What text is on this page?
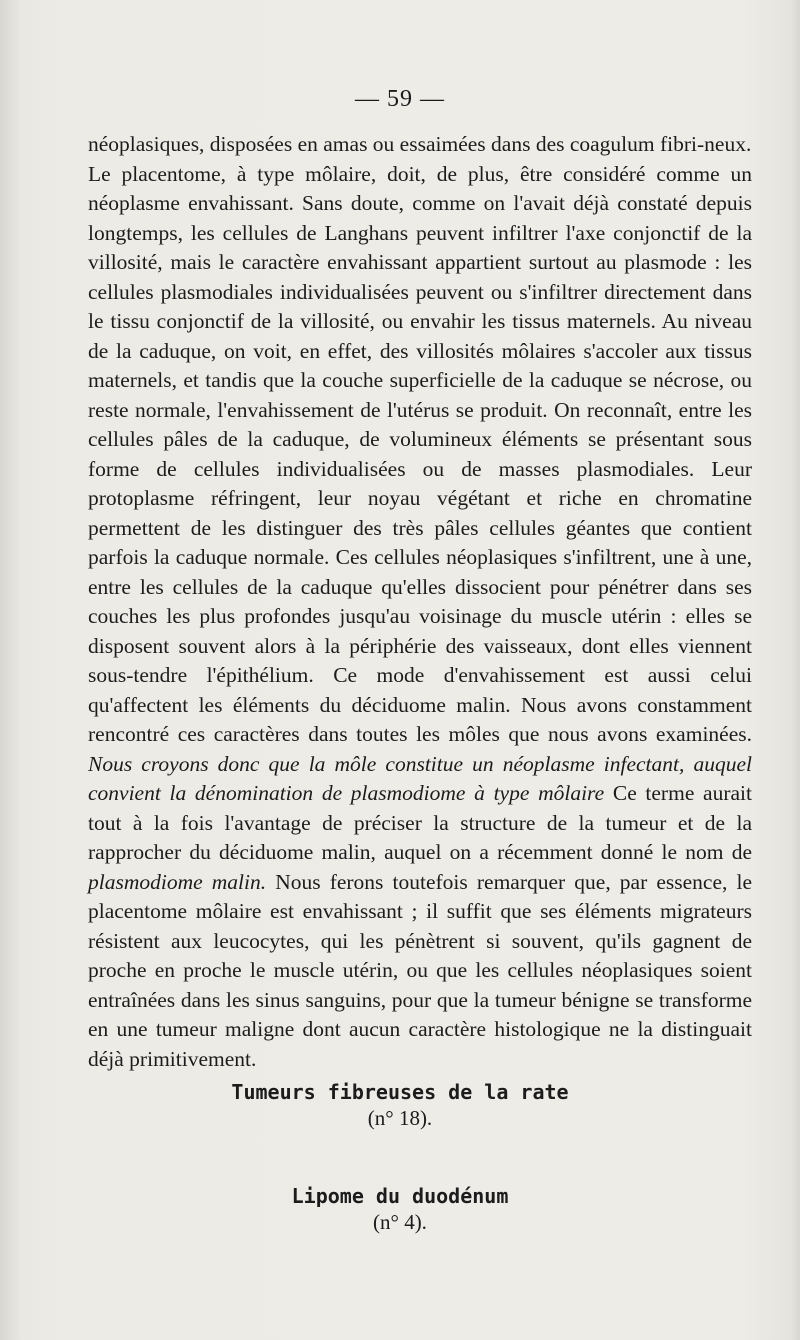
— 59 —

néoplasiques, disposées en amas ou essaimées dans des coagulum fibri-neux.

Le placentome, à type môlaire, doit, de plus, être considéré comme un néoplasme envahissant. Sans doute, comme on l'avait déjà constaté depuis longtemps, les cellules de Langhans peuvent infiltrer l'axe conjonctif de la villosité, mais le caractère envahissant appartient surtout au plasmode : les cellules plasmodiales individualisées peuvent ou s'infiltrer directement dans le tissu conjonctif de la villosité, ou envahir les tissus maternels. Au niveau de la caduque, on voit, en effet, des villosités môlaires s'accoler aux tissus maternels, et tandis que la couche superficielle de la caduque se nécrose, ou reste normale, l'envahissement de l'utérus se produit. On reconnaît, entre les cellules pâles de la caduque, de volumineux éléments se présentant sous forme de cellules individualisées ou de masses plasmodiales. Leur protoplasme réfringent, leur noyau végétant et riche en chromatine permettent de les distinguer des très pâles cellules géantes que contient parfois la caduque normale. Ces cellules néoplasiques s'infiltrent, une à une, entre les cellules de la caduque qu'elles dissocient pour pénétrer dans ses couches les plus profondes jusqu'au voisinage du muscle utérin : elles se disposent souvent alors à la périphérie des vaisseaux, dont elles viennent sous-tendre l'épithélium. Ce mode d'envahissement est aussi celui qu'affectent les éléments du déciduome malin. Nous avons constamment rencontré ces caractères dans toutes les môles que nous avons examinées. Nous croyons donc que la môle constitue un néoplasme infectant, auquel convient la dénomination de plasmodiome à type môlaire Ce terme aurait tout à la fois l'avantage de préciser la structure de la tumeur et de la rapprocher du déciduome malin, auquel on a récemment donné le nom de plasmodiome malin. Nous ferons toutefois remarquer que, par essence, le placentome môlaire est envahissant ; il suffit que ses éléments migrateurs résistent aux leucocytes, qui les pénètrent si souvent, qu'ils gagnent de proche en proche le muscle utérin, ou que les cellules néoplasiques soient entraînées dans les sinus sanguins, pour que la tumeur bénigne se transforme en une tumeur maligne dont aucun caractère histologique ne la distinguait déjà primitivement.

Tumeurs fibreuses de la rate
(n° 18).
Lipome du duodénum
(n° 4).
